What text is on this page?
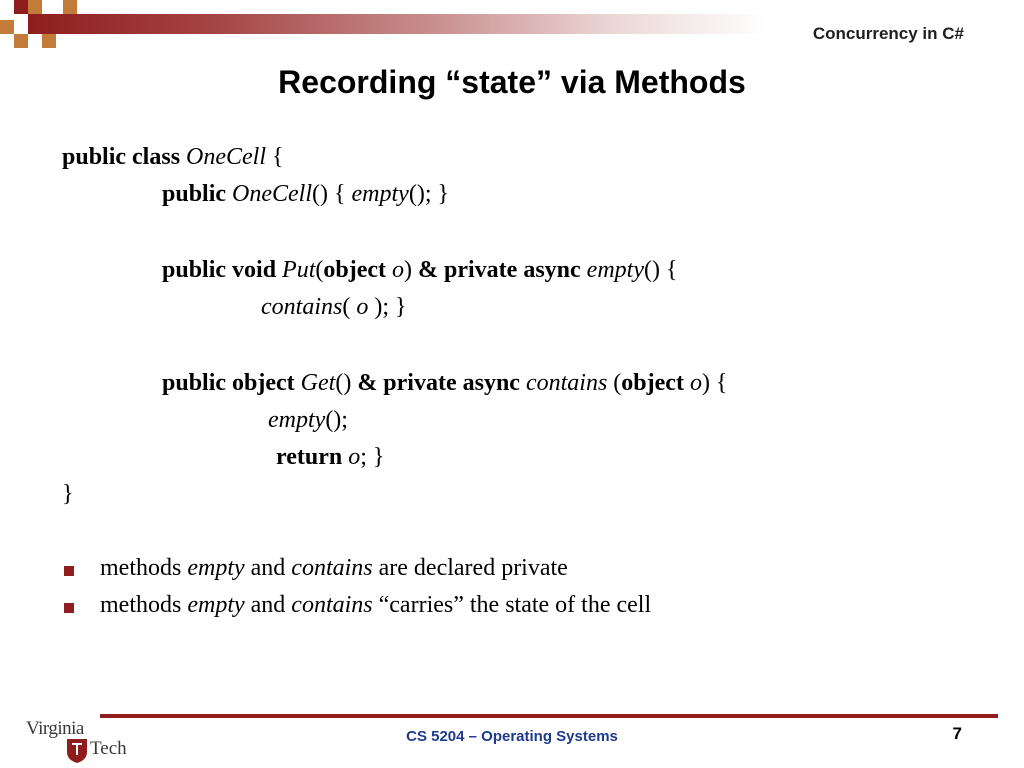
Concurrency in C#
Recording “state” via Methods
public class OneCell {
public OneCell() { empty(); }
public void Put(object o) & private async empty() {
contains( o ); }
public object Get() & private async contains (object o) {
empty();
return o; }
}
methods empty and contains are declared private
methods empty and contains “carries” the state of the cell
Virginia
Tech
CS 5204 – Operating Systems	7
